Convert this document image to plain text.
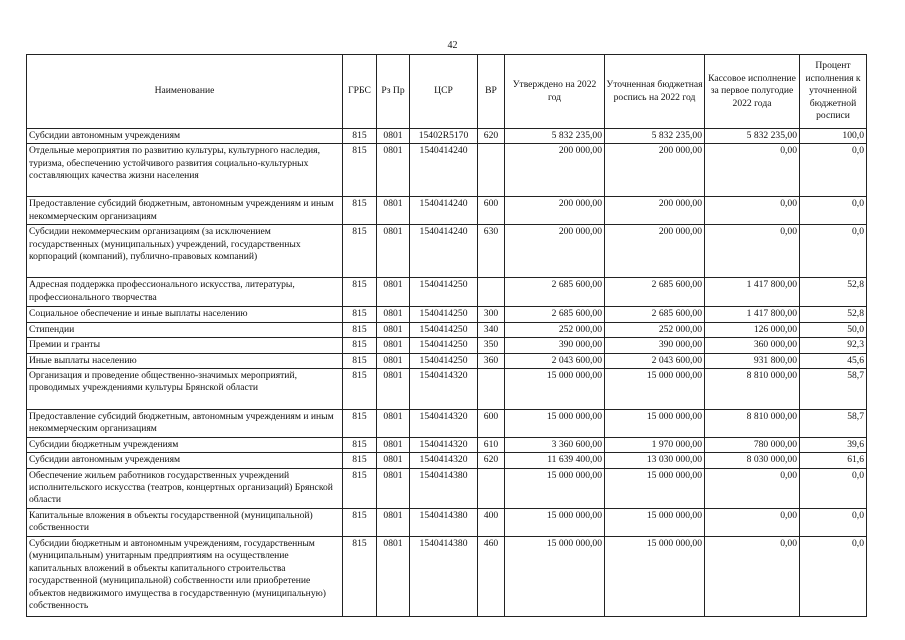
42
Наименование	ГРБС	Рз Пр	ЦСР	ВР	Утверждено на 2022 год	Уточненная бюджетная роспись на 2022 год	Кассовое исполнение за первое полугодие 2022 года	Процент исполнения к уточненной бюджетной росписи
Субсидии автономным учреждениям	815	0801	15402R5170	620	5 832 235,00	5 832 235,00	5 832 235,00	100,0
Отдельные мероприятия по развитию культуры, культурного наследия, туризма, обеспечению устойчивого развития социально-культурных составляющих качества жизни населения	815	0801	1540414240		200 000,00	200 000,00	0,00	0,0
Предоставление субсидий бюджетным, автономным учреждениям и иным некоммерческим организациям	815	0801	1540414240	600	200 000,00	200 000,00	0,00	0,0
Субсидии некоммерческим организациям (за исключением государственных (муниципальных) учреждений, государственных корпораций (компаний), публично-правовых компаний)	815	0801	1540414240	630	200 000,00	200 000,00	0,00	0,0
Адресная поддержка профессионального искусства, литературы, профессионального творчества	815	0801	1540414250		2 685 600,00	2 685 600,00	1 417 800,00	52,8
Социальное обеспечение и иные выплаты населению	815	0801	1540414250	300	2 685 600,00	2 685 600,00	1 417 800,00	52,8
Стипендии	815	0801	1540414250	340	252 000,00	252 000,00	126 000,00	50,0
Премии и гранты	815	0801	1540414250	350	390 000,00	390 000,00	360 000,00	92,3
Иные выплаты населению	815	0801	1540414250	360	2 043 600,00	2 043 600,00	931 800,00	45,6
Организация и проведение общественно-значимых мероприятий, проводимых учреждениями культуры Брянской области	815	0801	1540414320		15 000 000,00	15 000 000,00	8 810 000,00	58,7
Предоставление субсидий бюджетным, автономным учреждениям и иным некоммерческим организациям	815	0801	1540414320	600	15 000 000,00	15 000 000,00	8 810 000,00	58,7
Субсидии бюджетным учреждениям	815	0801	1540414320	610	3 360 600,00	1 970 000,00	780 000,00	39,6
Субсидии автономным учреждениям	815	0801	1540414320	620	11 639 400,00	13 030 000,00	8 030 000,00	61,6
Обеспечение жильем работников государственных учреждений исполнительского искусства (театров, концертных организаций) Брянской области	815	0801	1540414380		15 000 000,00	15 000 000,00	0,00	0,0
Капитальные вложения в объекты государственной (муниципальной) собственности	815	0801	1540414380	400	15 000 000,00	15 000 000,00	0,00	0,0
Субсидии бюджетным и автономным учреждениям, государственным (муниципальным) унитарным предприятиям на осуществление капитальных вложений в объекты капитального строительства государственной (муниципальной) собственности или приобретение объектов недвижимого имущества в государственную (муниципальную) собственность	815	0801	1540414380	460	15 000 000,00	15 000 000,00	0,00	0,0
